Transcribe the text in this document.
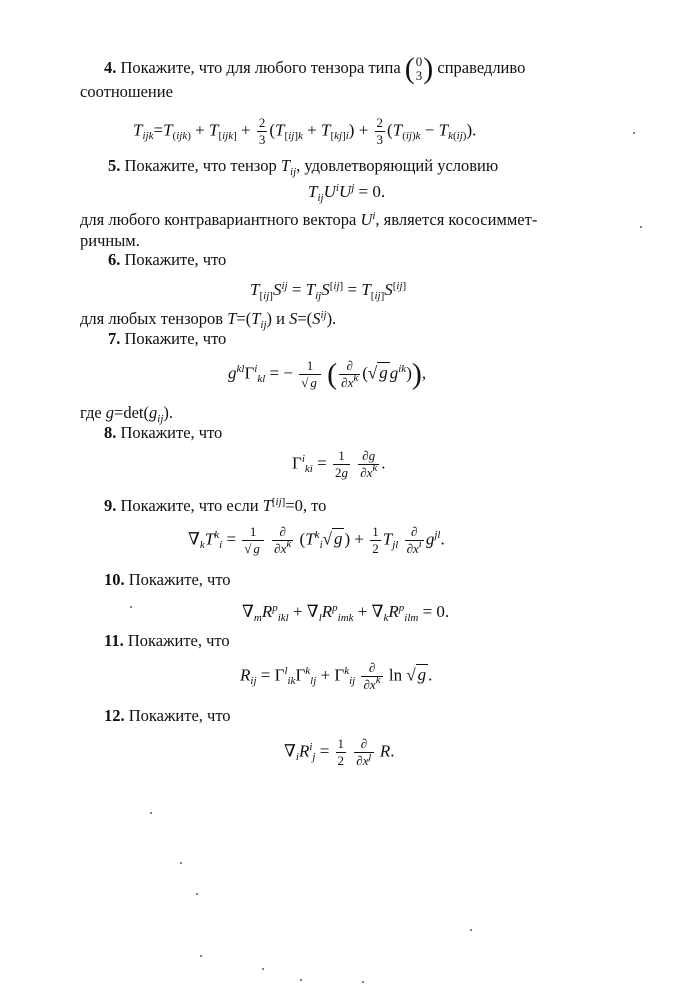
4. Покажите, что для любого тензора типа ( 0
3 ) справедливо
соотношение
$T_{ijk}=T_{(ijk)} + T_{[ijk]} + \frac{2}{3} (T_{[ij]k} + T_{[kj]i}) + \frac{2}{3} (T_{(ij)k} - T_{k(ij)})$.
5. Покажите, что тензор $T_{ij}$, удовлетворяющий условию
$T_{ij}U^iU^j = 0$.
для любого контравариантного вектора $U^i$, является кососиммет-
ричным.
6. Покажите, что
$T_{[ij]}S^{ij} = T_{ij}S[ij] = T_{[ij]}S[ij]$
для любых тензоров $T=(T_{ij})$ и $S=(S^{ij})$.
7. Покажите, что
$g^{kl}\Gamma^i_{kl}$ = − $\frac{1}{√ g}$ ( $\frac{\partial}{\partial x^k}$ (√ g $g^{ik}$)),
где $g=\det(g_{ij})$.
8. Покажите, что
$\Gamma^i_{ki} = \frac{1}{2g}$
$\frac{\partial g}{\partial x^k}$ .
9. Покажите, что если T[ij]=0, то
$\nabla_kT^k_i = \frac{1}{√ g}$
$\frac{\partial}{\partial x^k} (T^k_i√$ g ) + $\frac{1}{2} T_{jl} \frac{\partial}{\partial x^i} g^{jl}$.
10. Покажите, что
$\nabla_mR^p_{ikl} + \nabla_lR^p_{imk} + \nabla_kR^p_{ilm} = 0$.
11. Покажите, что
$R_{ij} = \Gamma^l_{ik}\Gamma^k_{lj} + \Gamma^k_{ij} \frac{\partial}{\partial x^k}$ ln √ g .
12. Покажите, что
$\nabla_iR^i_j = \frac{1}{2}$
$\frac{\partial}{\partial x^j} R$.
